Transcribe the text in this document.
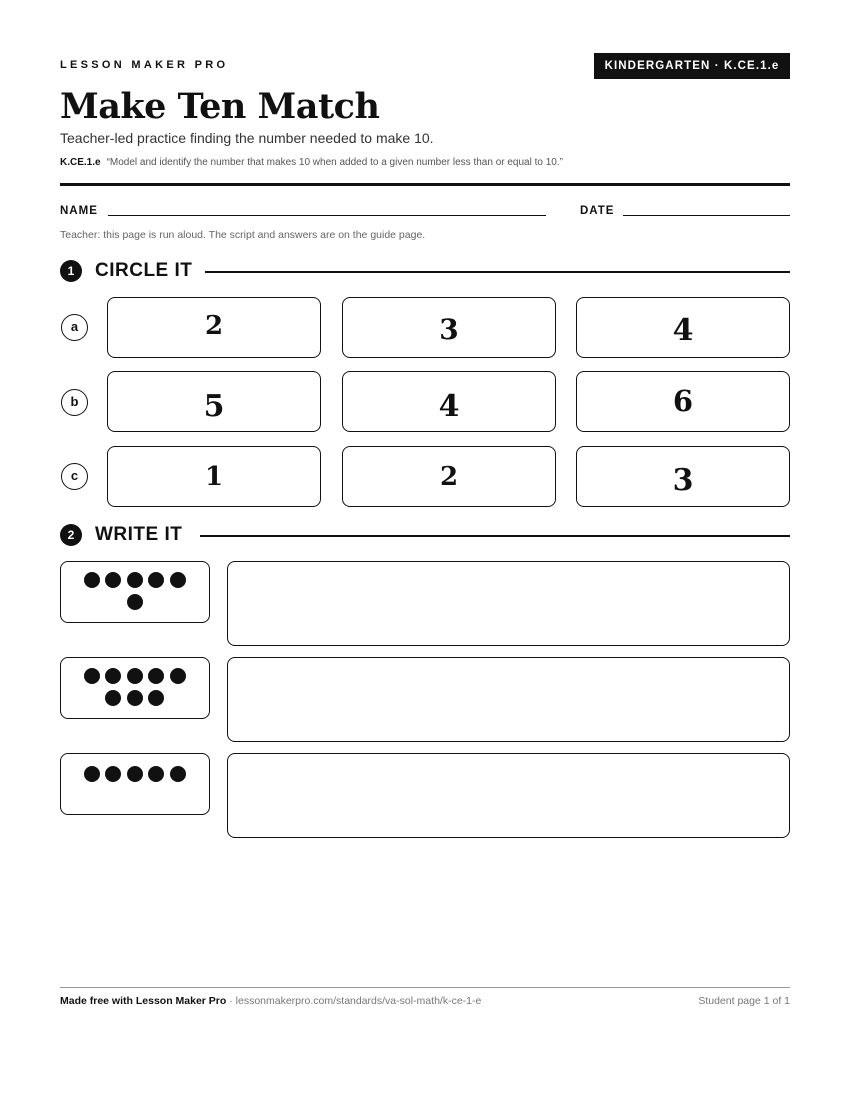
LESSON MAKER PRO	KINDERGARTEN · K.CE.1.e
Make Ten Match
Teacher-led practice finding the number needed to make 10.
K.CE.1.e “Model and identify the number that makes 10 when added to a given number less than or equal to 10.”
NAME	DATE
Teacher: this page is run aloud. The script and answers are on the guide page.
1	CIRCLE IT
a	2	3	4
b	5	4	6
c	1	2	3
2	WRITE IT
Made free with Lesson Maker Pro · lessonmakerpro.com/standards/va-sol-math/k-ce-1-e	Student page 1 of 1
